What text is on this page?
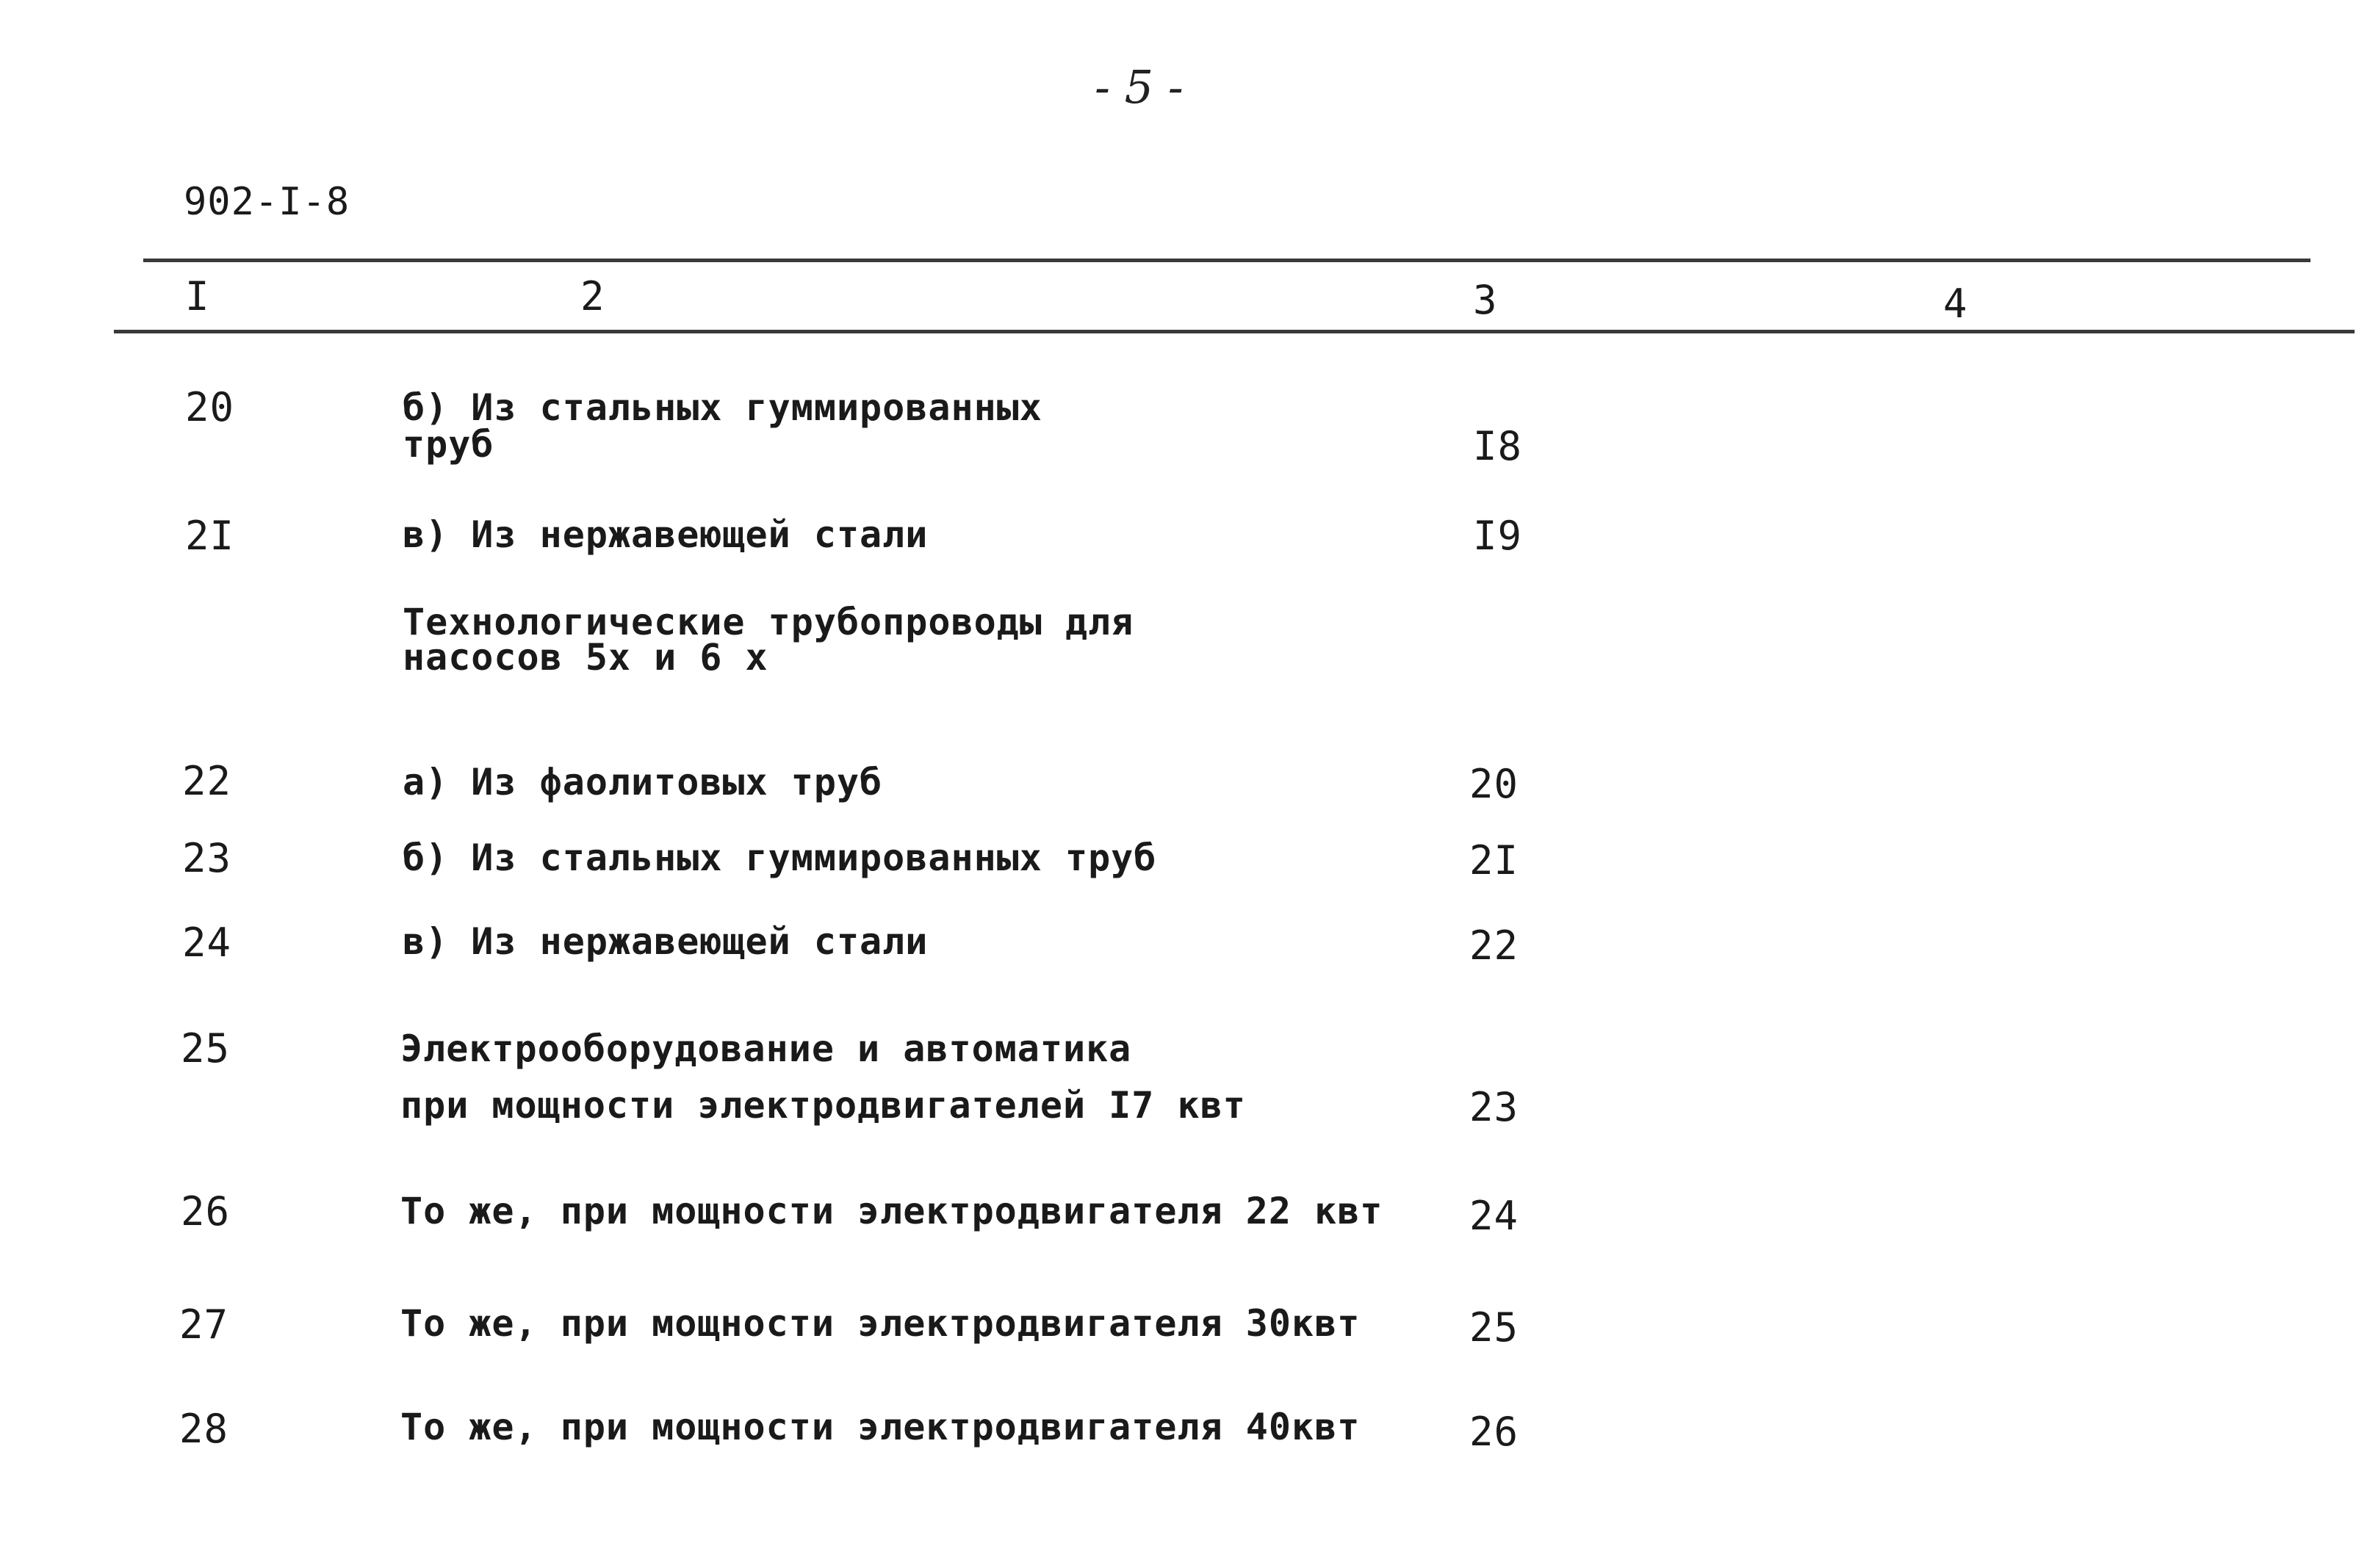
- 5 -
902-I-8
I	2	3	4
20	б) Из стальных гуммированных
труб	I8
2I	в) Из нержавеющей стали	I9
Технологические трубопроводы для
насосов 5х и 6 х
22	а) Из фаолитовых труб	20
23	б) Из стальных гуммированных труб	2I
24	в) Из нержавеющей стали	22
25	Электрооборудование и автоматика
при мощности электродвигателей I7 квт	23
26	То же, при мощности электродвигателя 22 квт 24
27	То же, при мощности электродвигателя 30квт	25
28	То же, при мощности электродвигателя 40квт	26
